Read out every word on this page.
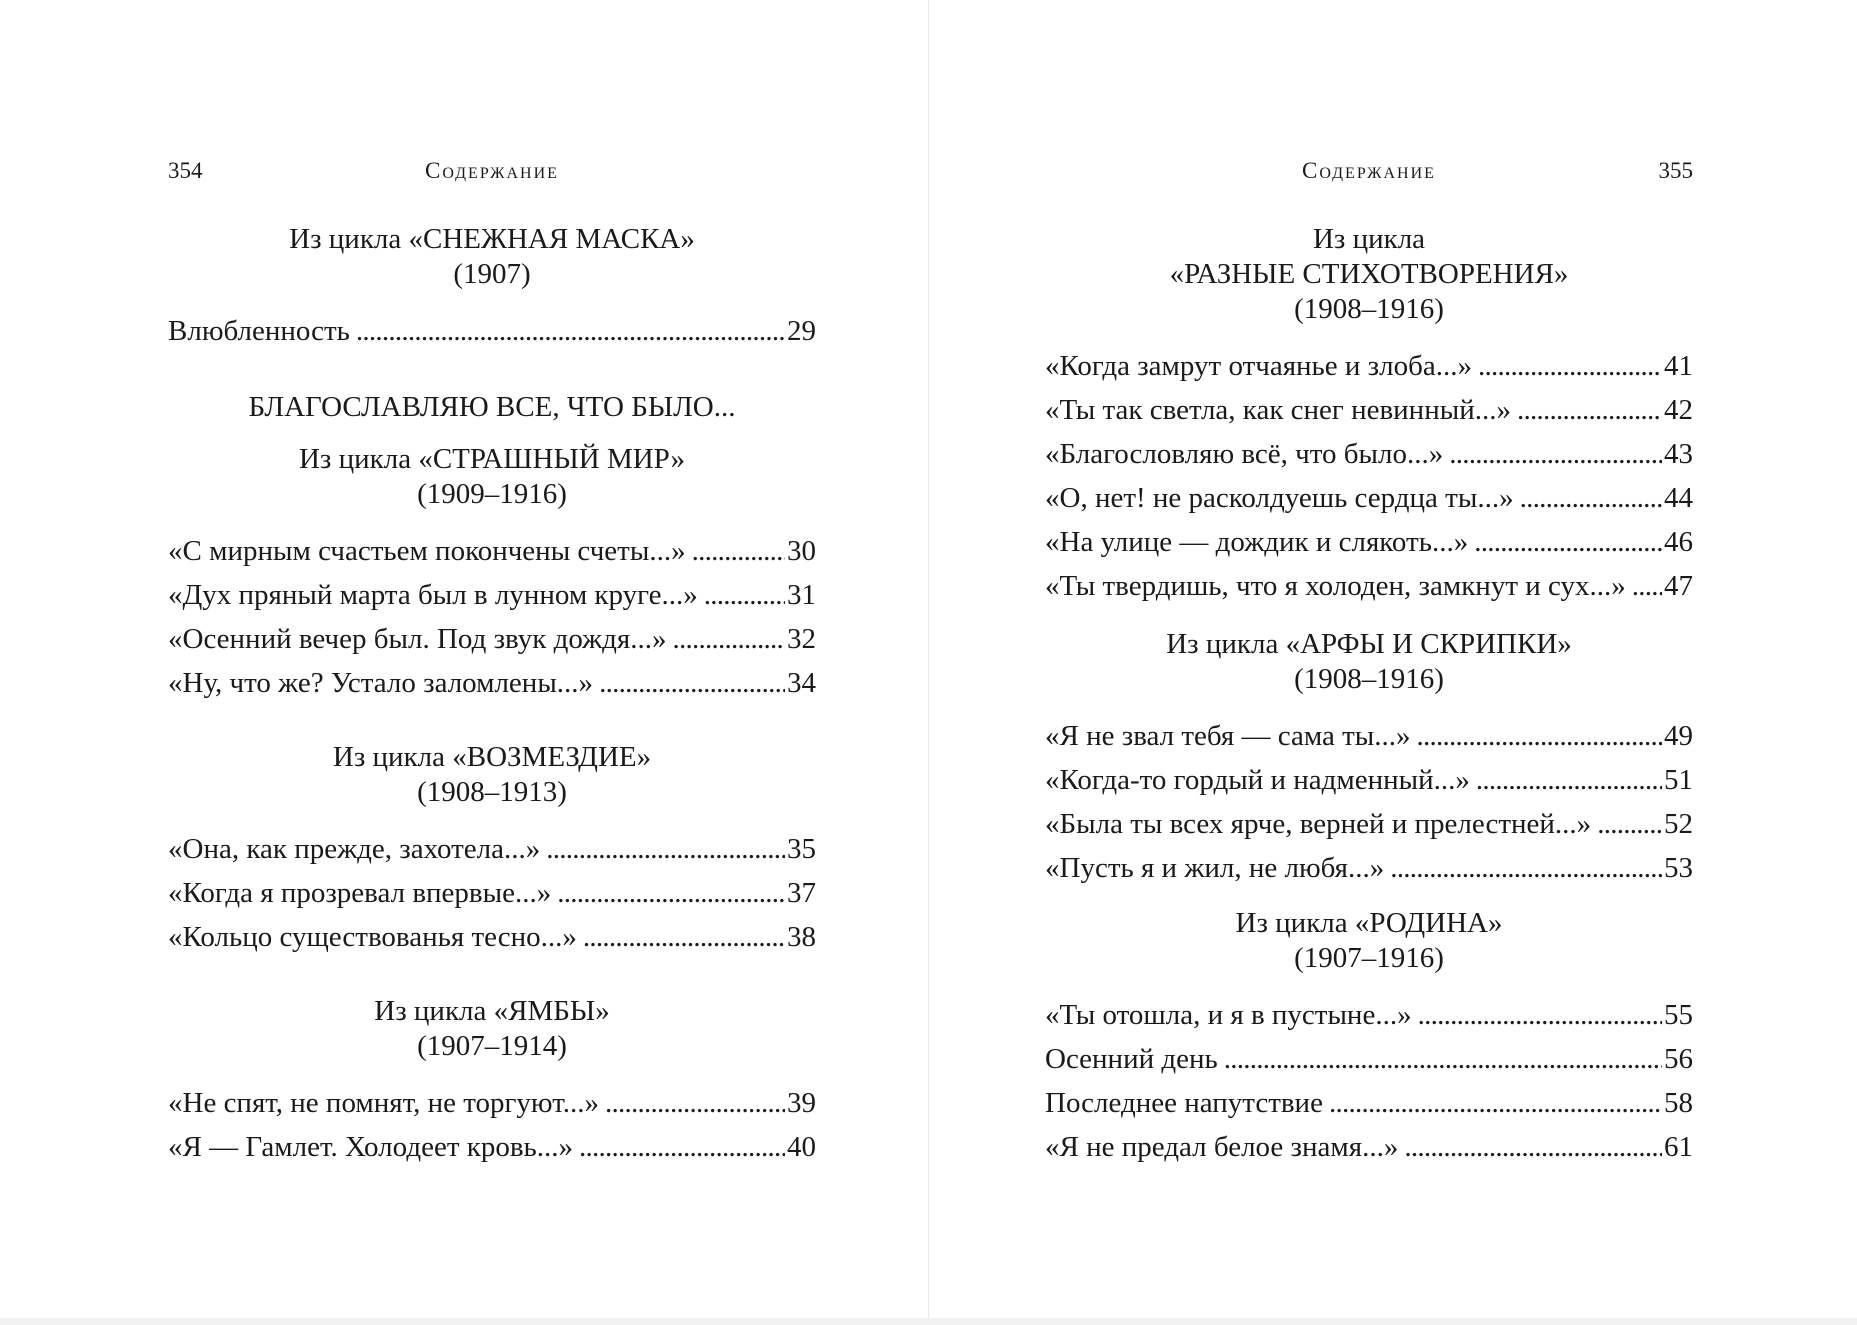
354	Содержание
Из цикла «СНЕЖНАЯ МАСКА»
(1907)
Влюбленность . . .	29
БЛАГОСЛАВЛЯЮ ВСЕ, ЧТО БЫЛО...
Из цикла «СТРАШНЫЙ МИР»
(1909–1916)
«С мирным счастьем покончены счеты...» . . .	30
«Дух пряный марта был в лунном круге...» . . .	31
«Осенний вечер был. Под звук дождя...» . . .	32
«Ну, что же? Устало заломлены...» . . .	34
Из цикла «ВОЗМЕЗДИЕ»
(1908–1913)
«Она, как прежде, захотела...» . . .	35
«Когда я прозревал впервые...» . . .	37
«Кольцо существованья тесно...» . . .	38
Из цикла «ЯМБЫ»
(1907–1914)
«Не спят, не помнят, не торгуют...» . . .	39
«Я — Гамлет. Холодеет кровь...» . . .	40
Содержание	355
Из цикла
«РАЗНЫЕ СТИХОТВОРЕНИЯ»
(1908–1916)
«Когда замрут отчаянье и злоба...» . . .	41
«Ты так светла, как снег невинный...» . . .	42
«Благословляю всё, что было...» . . .	43
«О, нет! не расколдуешь сердца ты...» . . .	44
«На улице — дождик и слякоть...» . . .	46
«Ты твердишь, что я холоден, замкнут и сух...» . . . 47
Из цикла «АРФЫ И СКРИПКИ»
(1908–1916)
«Я не звал тебя — сама ты...» . . .	49
«Когда-то гордый и надменный...» . . .	51
«Была ты всех ярче, верней и прелестней...» . . .	52
«Пусть я и жил, не любя...» . . .	53
Из цикла «РОДИНА»
(1907–1916)
«Ты отошла, и я в пустыне...» . . .	55
Осенний день . . .	56
Последнее напутствие . . .	58
«Я не предал белое знамя...» . . .	61
